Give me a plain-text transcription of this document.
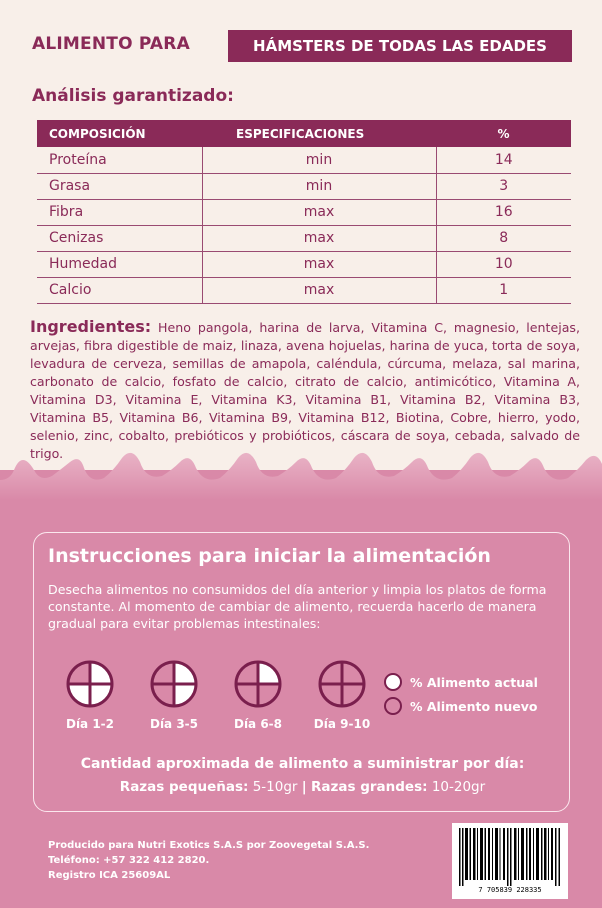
ALIMENTO PARA	HÁMSTERS DE TODAS LAS EDADES
Análisis garantizado:
COMPOSICIÓN	ESPECIFICACIONES	%
Proteína	min	14
Grasa	min	3
Fibra	max	16
Cenizas	max	8
Humedad	max	10
Calcio	max	1
Ingredientes: Heno pangola, harina de larva, Vitamina C, magnesio, lentejas, arvejas, fibra digestible de maiz, linaza, avena hojuelas, harina de yuca, torta de soya, levadura de cerveza, semillas de amapola, caléndula, cúrcuma, melaza, sal marina, carbonato de calcio, fosfato de calcio, citrato de calcio, antimicótico, Vitamina A, Vitamina D3, Vitamina E, Vitamina K3, Vitamina B1, Vitamina B2, Vitamina B3, Vitamina B5, Vitamina B6, Vitamina B9, Vitamina B12, Biotina, Cobre, hierro, yodo, selenio, zinc, cobalto, prebióticos y probióticos, cáscara de soya, cebada, salvado de trigo.
Instrucciones para iniciar la alimentación
Desecha alimentos no consumidos del día anterior y limpia los platos de forma constante. Al momento de cambiar de alimento, recuerda hacerlo de manera gradual para evitar problemas intestinales:
Día 1-2	Día 3-5	Día 6-8	Día 9-10
% Alimento actual
% Alimento nuevo
Cantidad aproximada de alimento a suministrar por día:
Razas pequeñas: 5-10gr | Razas grandes: 10-20gr
Producido para Nutri Exotics S.A.S por Zoovegetal S.A.S.
Teléfono: +57 322 412 2820.
Registro ICA 25609AL
7 705839 228335
